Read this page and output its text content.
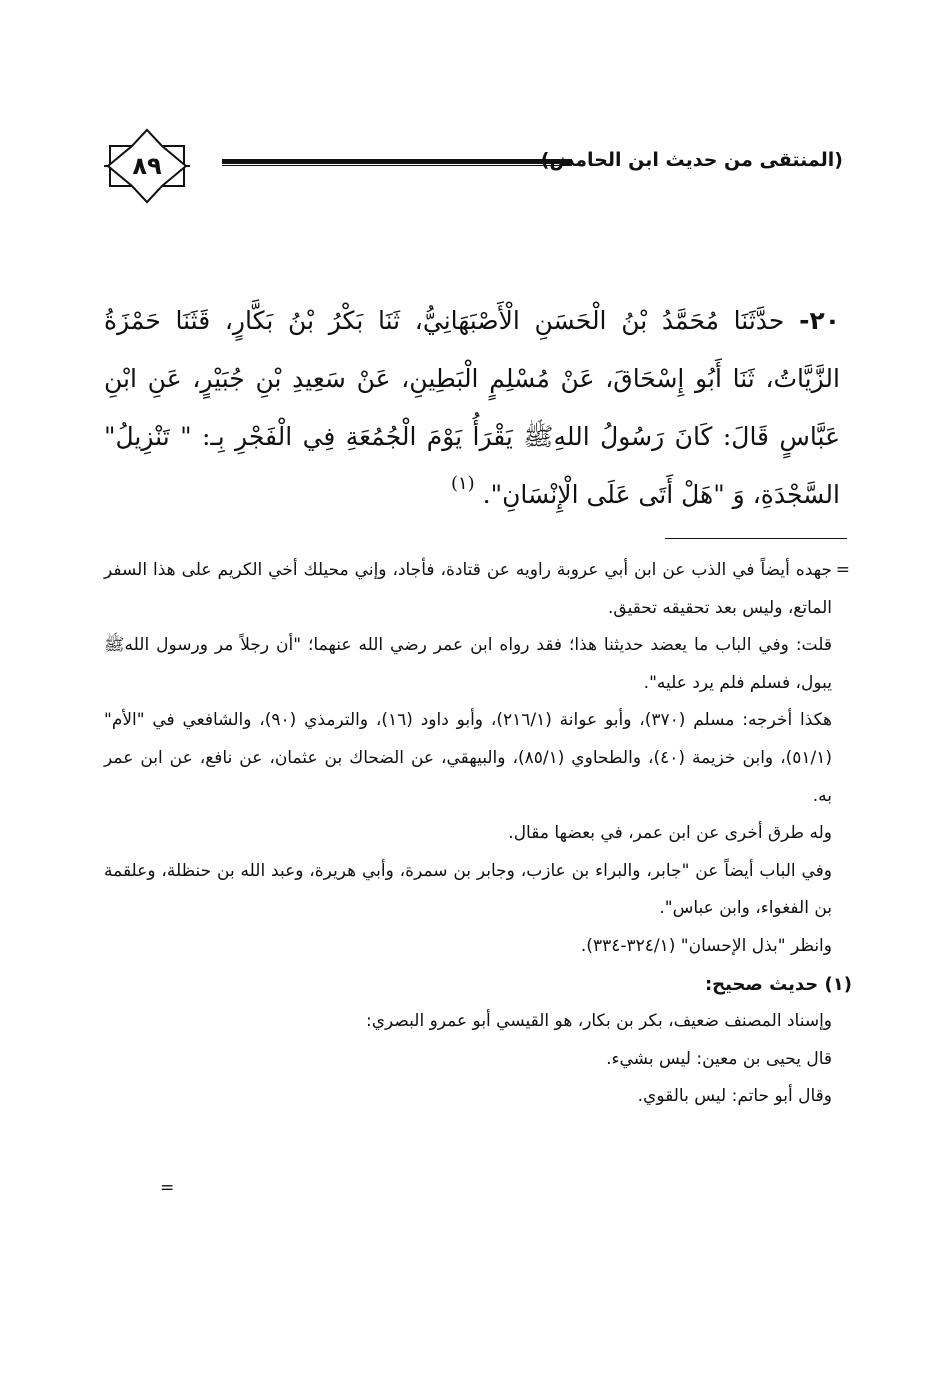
(المنتقى من حديث ابن الحامض)
٨٩
٢٠- حدَّثَنَا مُحَمَّدُ بْنُ الْحَسَنِ الْأَصْبَهَانِيُّ، ثَنَا بَكْرُ بْنُ بَكَّارٍ، قَثَنَا حَمْزَةُ الزَّيَّاتُ، ثَنَا أَبُو إِسْحَاقَ، عَنْ مُسْلِمٍ الْبَطِينِ، عَنْ سَعِيدِ بْنِ جُبَيْرٍ، عَنِ ابْنِ عَبَّاسٍ قَالَ: كَانَ رَسُولُ اللهِﷺ يَقْرَأُ يَوْمَ الْجُمُعَةِ فِي الْفَجْرِ بِـ: " تَنْزِيلُ" السَّجْدَةِ، وَ "هَلْ أَتَى عَلَى الْإِنْسَانِ". $^{(١)}$
=

جهده أيضاً في الذب عن ابن أبي عروبة راويه عن قتادة، فأجاد، وإني محيلك أخي الكريم على هذا السفر الماتع، وليس بعد تحقيقه تحقيق.

قلت: وفي الباب ما يعضد حديثنا هذا؛ فقد رواه ابن عمر رضي الله عنهما؛ "أن رجلاً مر ورسول اللهﷺ يبول، فسلم فلم يرد عليه".

هكذا أخرجه: مسلم (٣٧٠)، وأبو عوانة (٢١٦/١)، وأبو داود (١٦)، والترمذي (٩٠)، والشافعي في "الأم" (٥١/١)، وابن خزيمة (٤٠)، والطحاوي (٨٥/١)، والبيهقي، عن الضحاك بن عثمان، عن نافع، عن ابن عمر به.

وله طرق أخرى عن ابن عمر، في بعضها مقال.

وفي الباب أيضاً عن "جابر، والبراء بن عازب، وجابر بن سمرة، وأبي هريرة، وعبد الله بن حنظلة، وعلقمة بن الفغواء، وابن عباس".

وانظر "بذل الإحسان" (٣٢٤/١-٣٣٤).

(١) حديث صحيح:

وإسناد المصنف ضعيف، بكر بن بكار، هو القيسي أبو عمرو البصري:

قال يحيى بن معين: ليس بشيء.

وقال أبو حاتم: ليس بالقوي.

=
